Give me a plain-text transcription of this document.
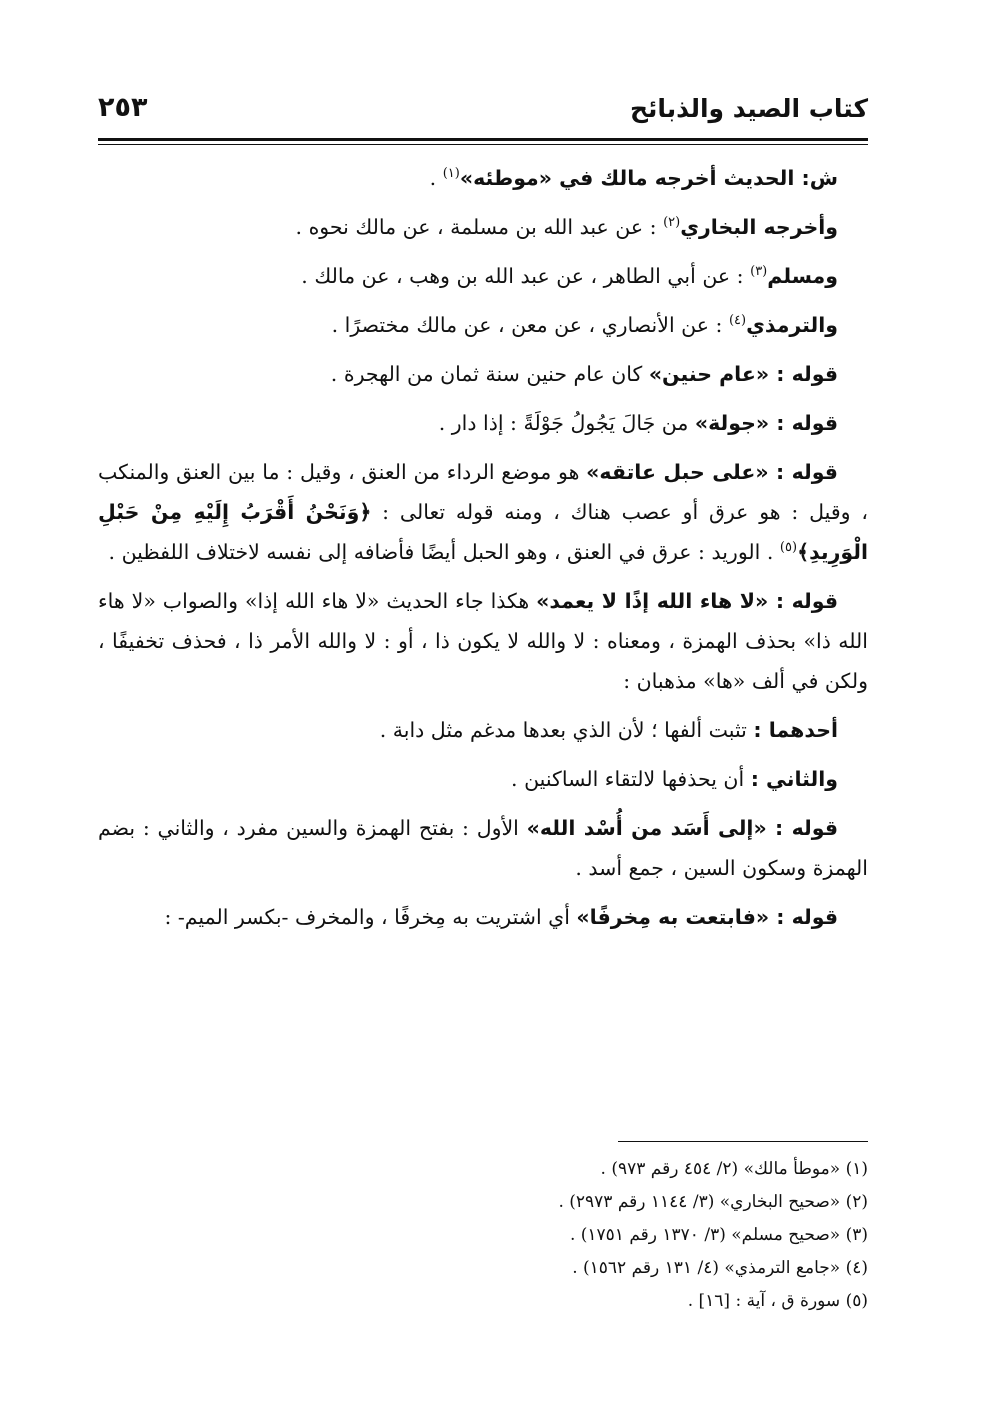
كتاب الصيد والذبائح
٢٥٣

ش: الحديث أخرجه مالك في «موطئه»$^{(١)}$ .

وأخرجه البخاري$^{(٢)}$ : عن عبد الله بن مسلمة ، عن مالك نحوه .

ومسلم$^{(٣)}$ : عن أبي الطاهر ، عن عبد الله بن وهب ، عن مالك .

والترمذي$^{(٤)}$ : عن الأنصاري ، عن معن ، عن مالك مختصرًا .

قوله : «عام حنين» كان عام حنين سنة ثمان من الهجرة .

قوله : «جولة» من جَالَ يَجُولُ جَوْلَةً : إذا دار .

قوله : «على حبل عاتقه» هو موضع الرداء من العنق ، وقيل : ما بين العنق والمنكب ، وقيل : هو عرق أو عصب هناك ، ومنه قوله تعالى : ﴿وَنَحْنُ أَقْرَبُ إِلَيْهِ مِنْ حَبْلِ الْوَرِيدِ﴾$^{(٥)}$ . الوريد : عرق في العنق ، وهو الحبل أيضًا فأضافه إلى نفسه لاختلاف اللفظين .

قوله : «لا هاء الله إذًا لا يعمد» هكذا جاء الحديث «لا هاء الله إذا» والصواب «لا هاء الله ذا» بحذف الهمزة ، ومعناه : لا والله لا يكون ذا ، أو : لا والله الأمر ذا ، فحذف تخفيفًا ، ولكن في ألف «ها» مذهبان :

أحدهما : تثبت ألفها ؛ لأن الذي بعدها مدغم مثل دابة .

والثاني : أن يحذفها لالتقاء الساكنين .

قوله : «إلى أَسَد من أُسْد الله» الأول : بفتح الهمزة والسين مفرد ، والثاني : بضم الهمزة وسكون السين ، جمع أسد .

قوله : «فابتعت به مِخرفًا» أي اشتريت به مِخرفًا ، والمخرف -بكسر الميم- :

(١) «موطأ مالك» (٢/ ٤٥٤ رقم ٩٧٣) .

(٢) «صحيح البخاري» (٣/ ١١٤٤ رقم ٢٩٧٣) .

(٣) «صحيح مسلم» (٣/ ١٣٧٠ رقم ١٧٥١) .

(٤) «جامع الترمذي» (٤/ ١٣١ رقم ١٥٦٢) .

(٥) سورة ق ، آية : [١٦] .
